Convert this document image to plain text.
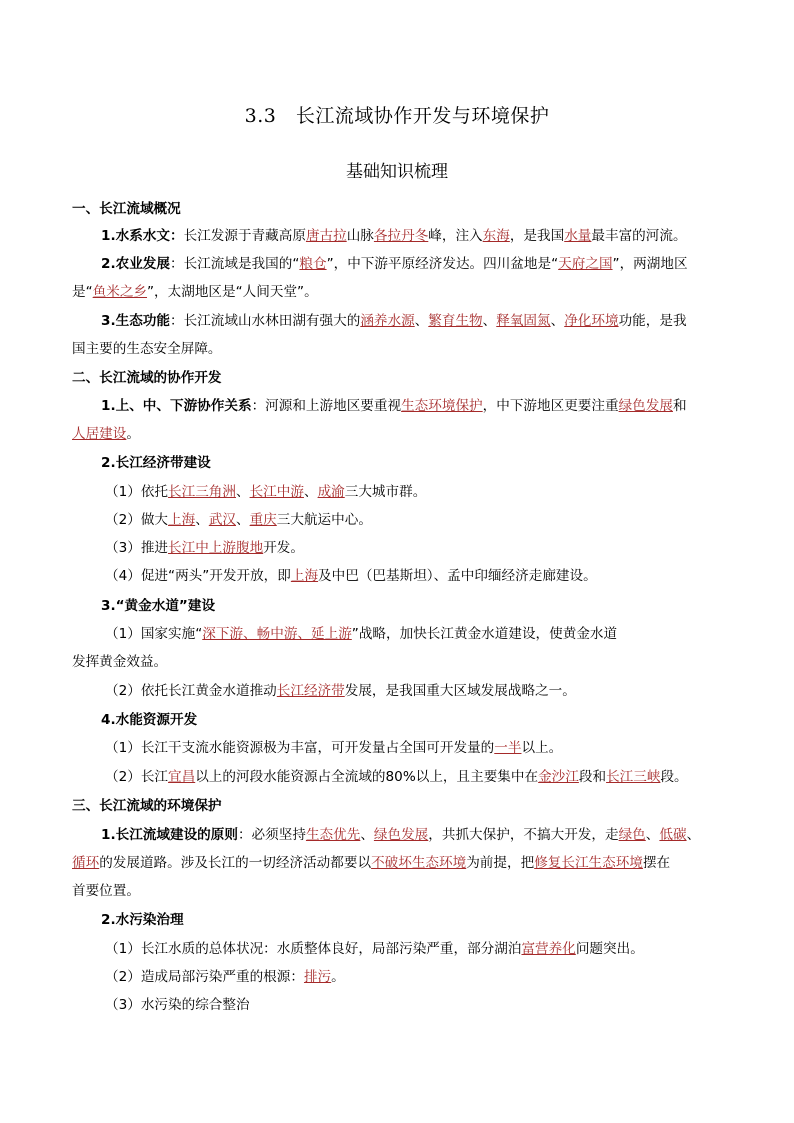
3.3　长江流域协作开发与环境保护
基础知识梳理
一、长江流域概况
1.水系水文：长江发源于青藏高原唐古拉山脉各拉丹冬峰，注入东海，是我国水量最丰富的河流。
2.农业发展：长江流域是我国的“粮仓”，中下游平原经济发达。四川盆地是“天府之国”，两湖地区
是“鱼米之乡”，太湖地区是“人间天堂”。
3.生态功能：长江流域山水林田湖有强大的涵养水源、繁育生物、释氧固氮、净化环境功能，是我
国主要的生态安全屏障。
二、长江流域的协作开发
1.上、中、下游协作关系：河源和上游地区要重视生态环境保护，中下游地区更要注重绿色发展和
人居建设。
2.长江经济带建设
（1）依托长江三角洲、长江中游、成渝三大城市群。
（2）做大上海、武汉、重庆三大航运中心。
（3）推进长江中上游腹地开发。
（4）促进“两头”开发开放，即上海及中巴（巴基斯坦）、孟中印缅经济走廊建设。
3.“黄金水道”建设
（1）国家实施“深下游、畅中游、延上游”战略，加快长江黄金水道建设，使黄金水道
发挥黄金效益。
（2）依托长江黄金水道推动长江经济带发展，是我国重大区域发展战略之一。
4.水能资源开发
（1）长江干支流水能资源极为丰富，可开发量占全国可开发量的一半以上。
（2）长江宜昌以上的河段水能资源占全流域的80%以上，且主要集中在金沙江段和长江三峡段。
三、长江流域的环境保护
1.长江流域建设的原则：必须坚持生态优先、绿色发展，共抓大保护，不搞大开发，走绿色、低碳、
循环的发展道路。涉及长江的一切经济活动都要以不破坏生态环境为前提，把修复长江生态环境摆在
首要位置。
2.水污染治理
（1）长江水质的总体状况：水质整体良好，局部污染严重，部分湖泊富营养化问题突出。
（2）造成局部污染严重的根源：排污。
（3）水污染的综合整治
